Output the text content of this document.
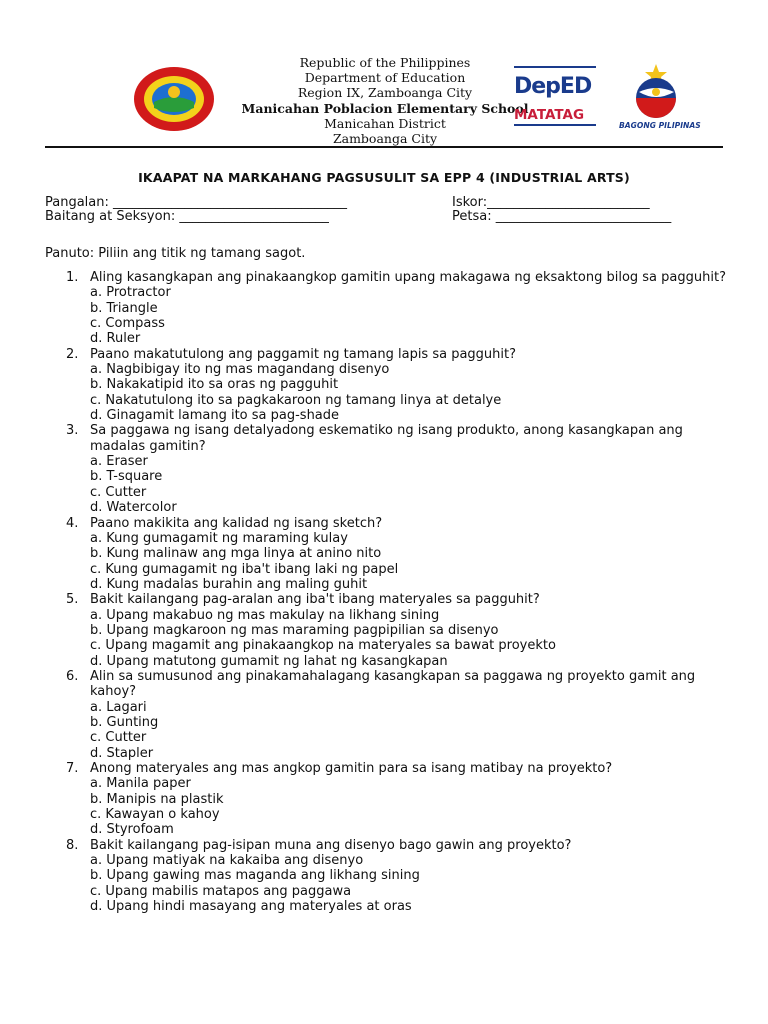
Republic of the Philippines
Department of Education
Region IX, Zamboanga City
Manicahan Poblacion Elementary School
Manicahan District
Zamboanga City
DepED
MATATAG
BAGONG PILIPINAS
IKAAPAT NA MARKAHANG PAGSUSULIT SA EPP 4 (INDUSTRIAL ARTS)
Pangalan: ____________________________________	Iskor:_________________________
Baitang at Seksyon: _______________________	Petsa: ___________________________
Panuto: Piliin ang titik ng tamang sagot.
1. Aling kasangkapan ang pinakaangkop gamitin upang makagawa ng eksaktong bilog sa pagguhit?
a. Protractor
b. Triangle
c. Compass
d. Ruler
2. Paano makatutulong ang paggamit ng tamang lapis sa pagguhit?
a. Nagbibigay ito ng mas magandang disenyo
b. Nakakatipid ito sa oras ng pagguhit
c. Nakatutulong ito sa pagkakaroon ng tamang linya at detalye
d. Ginagamit lamang ito sa pag-shade
3. Sa paggawa ng isang detalyadong eskematiko ng isang produkto, anong kasangkapan ang madalas gamitin?
a. Eraser
b. T-square
c. Cutter
d. Watercolor
4. Paano makikita ang kalidad ng isang sketch?
a. Kung gumagamit ng maraming kulay
b. Kung malinaw ang mga linya at anino nito
c. Kung gumagamit ng iba't ibang laki ng papel
d. Kung madalas burahin ang maling guhit
5. Bakit kailangang pag-aralan ang iba't ibang materyales sa pagguhit?
a. Upang makabuo ng mas makulay na likhang sining
b. Upang magkaroon ng mas maraming pagpipilian sa disenyo
c. Upang magamit ang pinakaangkop na materyales sa bawat proyekto
d. Upang matutong gumamit ng lahat ng kasangkapan
6. Alin sa sumusunod ang pinakamahalagang kasangkapan sa paggawa ng proyekto gamit ang kahoy?
a. Lagari
b. Gunting
c. Cutter
d. Stapler
7. Anong materyales ang mas angkop gamitin para sa isang matibay na proyekto?
a. Manila paper
b. Manipis na plastik
c. Kawayan o kahoy
d. Styrofoam
8. Bakit kailangang pag-isipan muna ang disenyo bago gawin ang proyekto?
a. Upang matiyak na kakaiba ang disenyo
b. Upang gawing mas maganda ang likhang sining
c. Upang mabilis matapos ang paggawa
d. Upang hindi masayang ang materyales at oras
